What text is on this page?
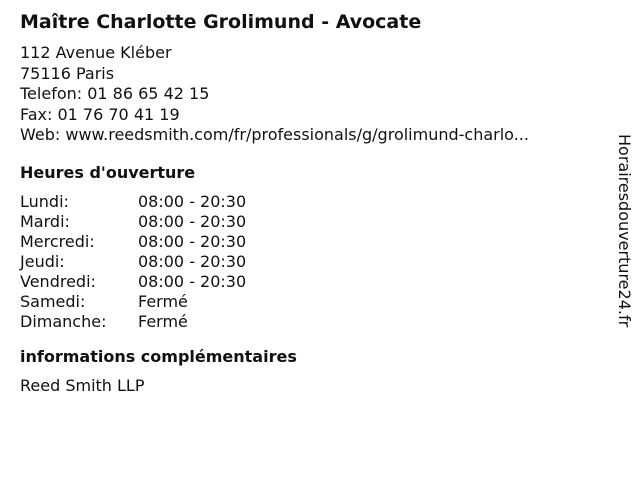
Maître Charlotte Grolimund - Avocate
112 Avenue Kléber
75116 Paris
Telefon: 01 86 65 42 15
Fax: 01 76 70 41 19
Web: www.reedsmith.com/fr/professionals/g/grolimund-charlo...
Heures d'ouverture
Lundi:	08:00 - 20:30
Mardi:	08:00 - 20:30
Mercredi:	08:00 - 20:30
Jeudi:	08:00 - 20:30
Vendredi:	08:00 - 20:30
Samedi:	Fermé
Dimanche:	Fermé
informations complémentaires
Reed Smith LLP
Horairesdouverture24.fr
